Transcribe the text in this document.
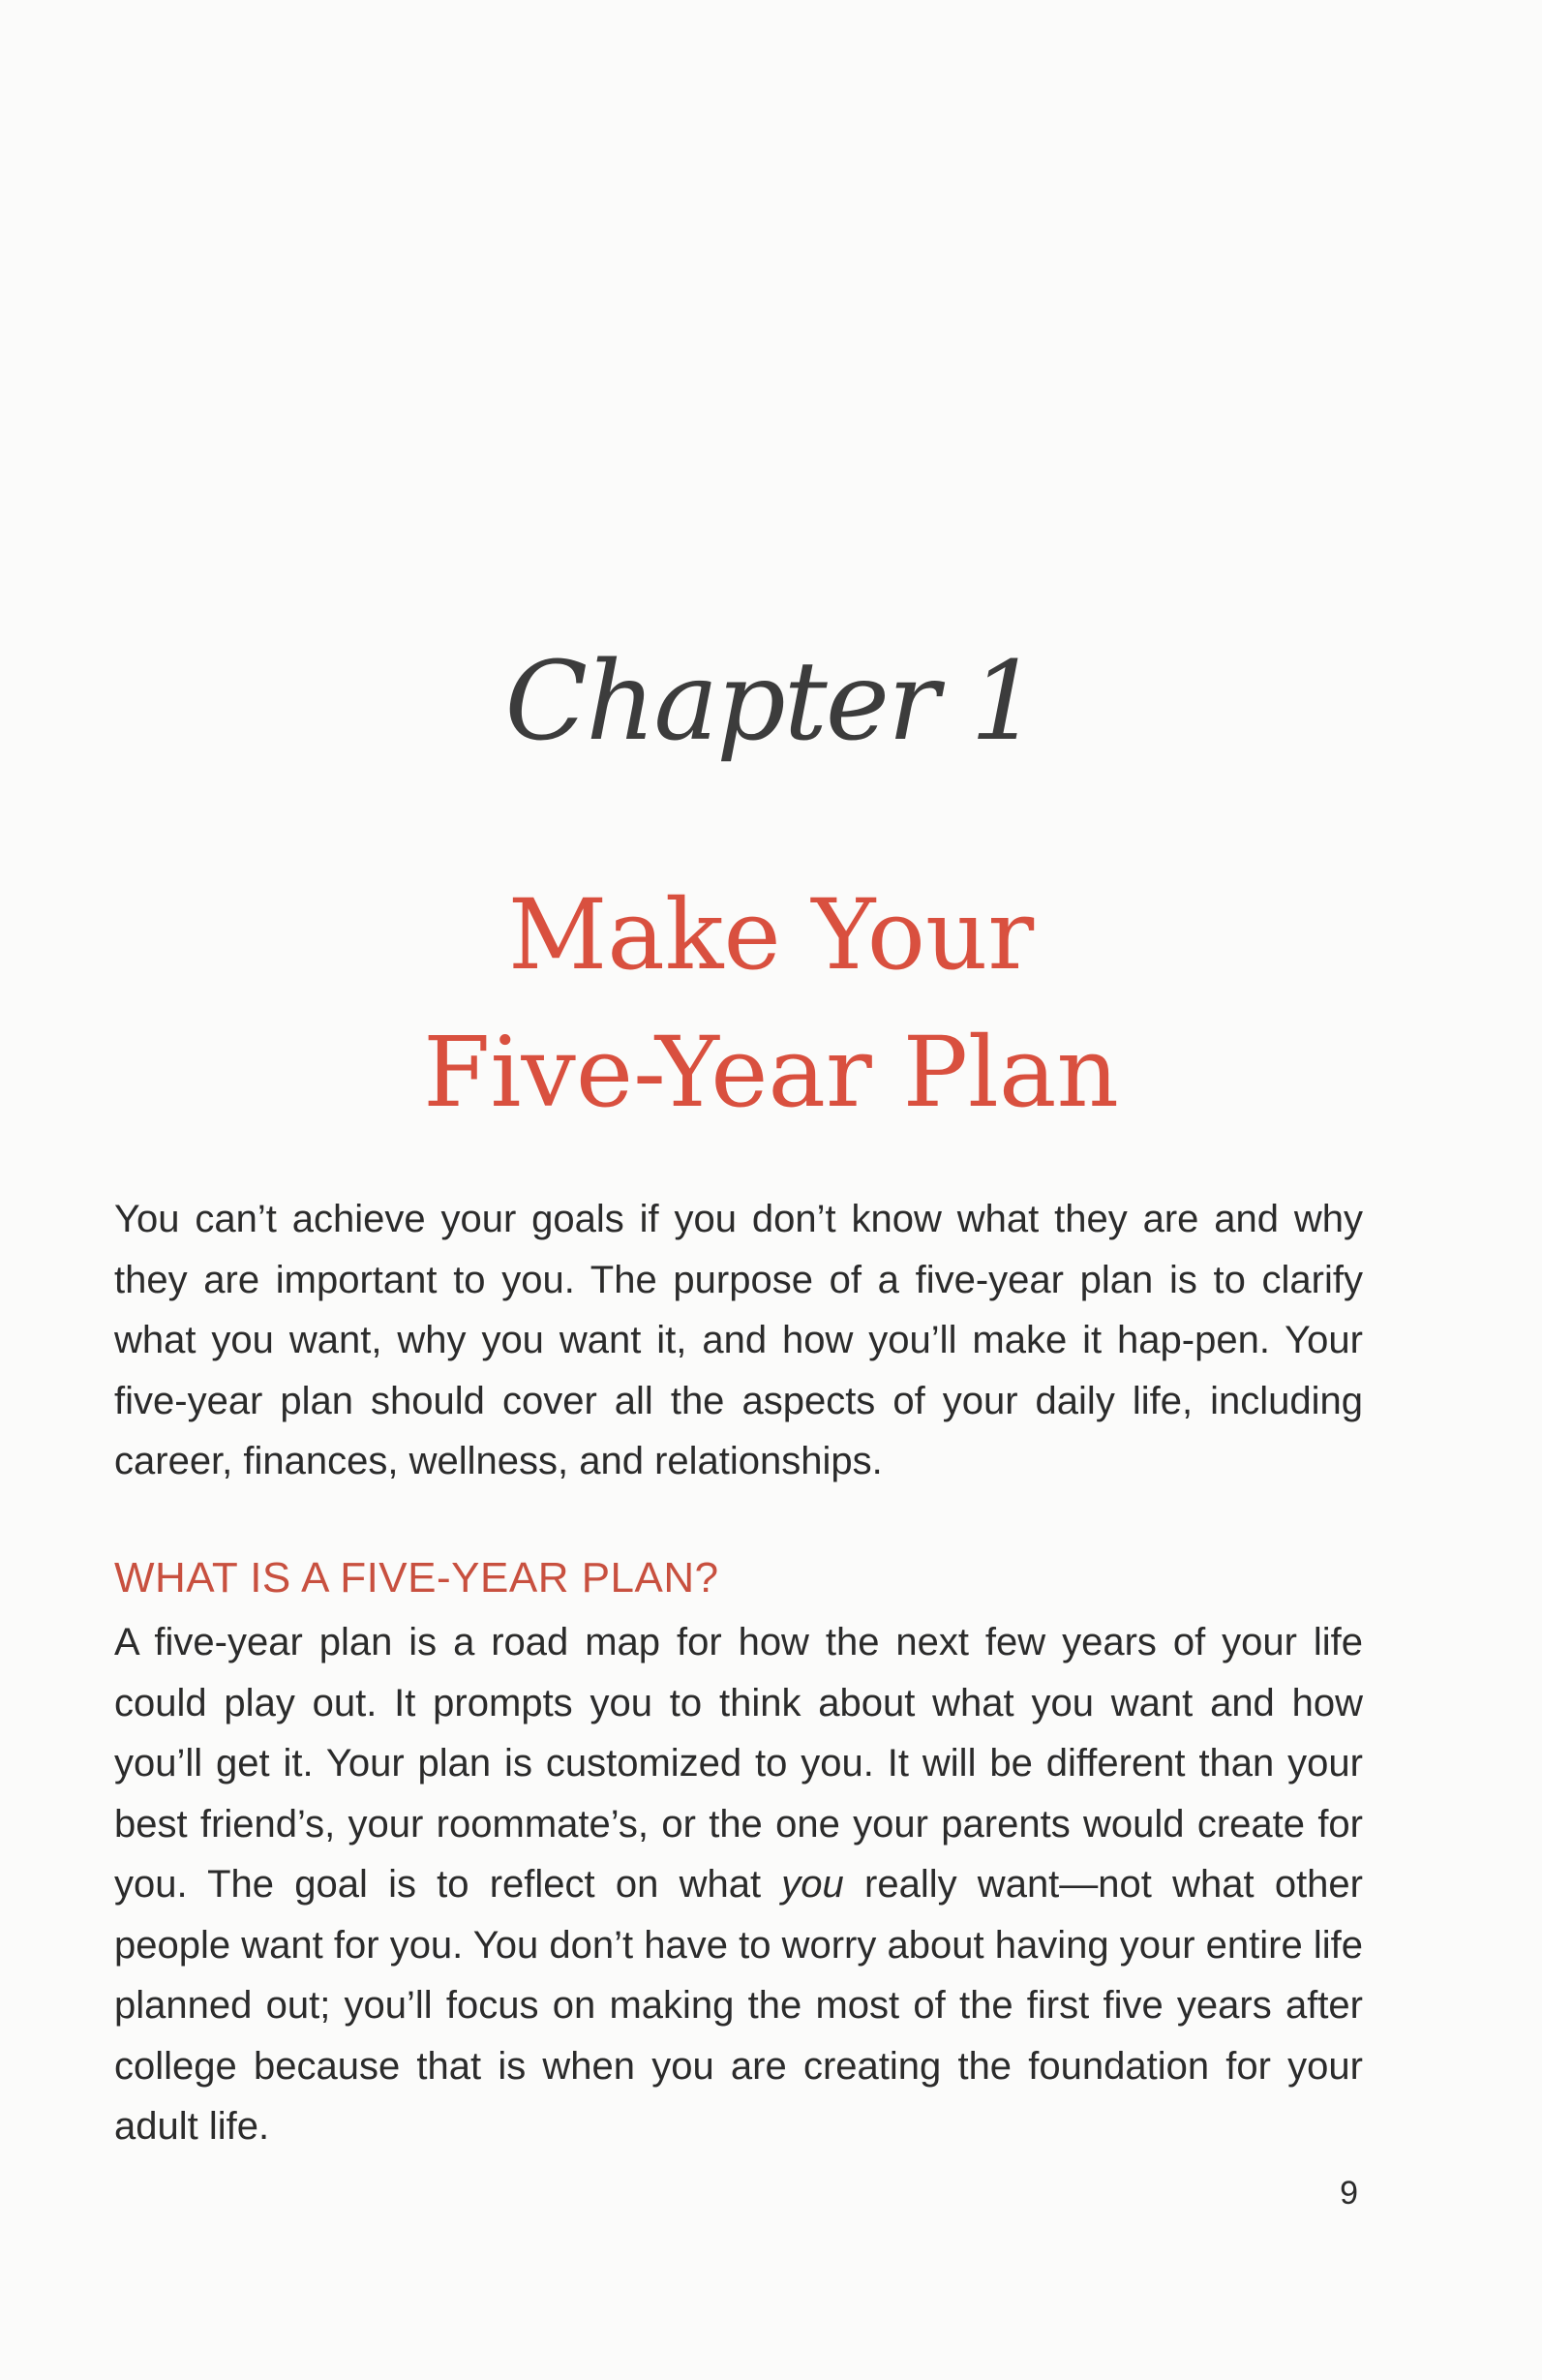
Chapter 1
Make Your
Five-Year Plan

You can’t achieve your goals if you don’t know what they are and why they are important to you. The purpose of a five-year plan is to clarify what you want, why you want it, and how you’ll make it hap-pen. Your five-year plan should cover all the aspects of your daily life, including career, finances, wellness, and relationships.

WHAT IS A FIVE-YEAR PLAN?

A five-year plan is a road map for how the next few years of your life could play out. It prompts you to think about what you want and how you’ll get it. Your plan is customized to you. It will be different than your best friend’s, your roommate’s, or the one your parents would create for you. The goal is to reflect on what you really want—not what other people want for you. You don’t have to worry about having your entire life planned out; you’ll focus on making the most of the first five years after college because that is when you are creating the foundation for your adult life.

9
